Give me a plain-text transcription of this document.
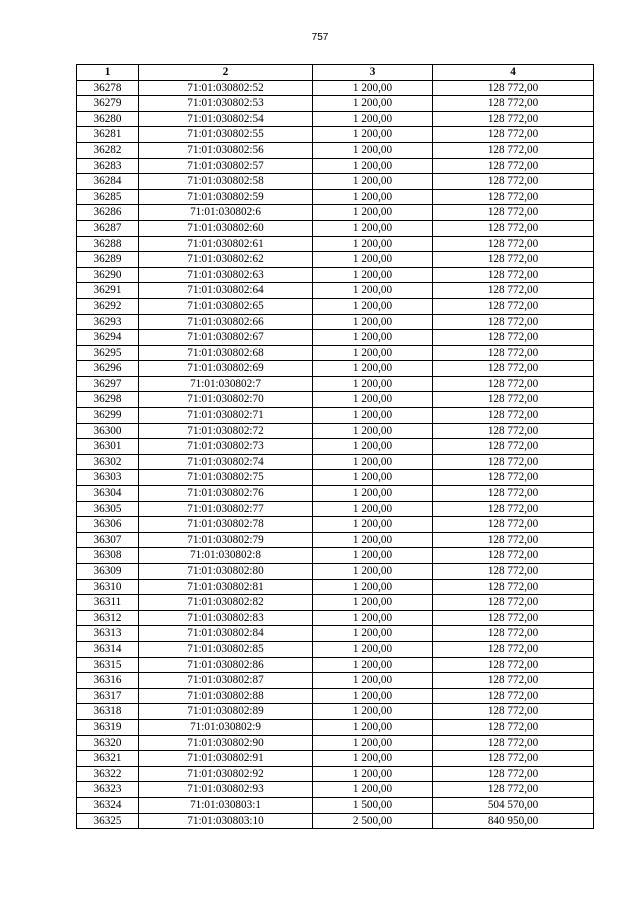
757
1	2	3	4
36278	71:01:030802:52	1 200,00	128 772,00
36279	71:01:030802:53	1 200,00	128 772,00
36280	71:01:030802:54	1 200,00	128 772,00
36281	71:01:030802:55	1 200,00	128 772,00
36282	71:01:030802:56	1 200,00	128 772,00
36283	71:01:030802:57	1 200,00	128 772,00
36284	71:01:030802:58	1 200,00	128 772,00
36285	71:01:030802:59	1 200,00	128 772,00
36286	71:01:030802:6	1 200,00	128 772,00
36287	71:01:030802:60	1 200,00	128 772,00
36288	71:01:030802:61	1 200,00	128 772,00
36289	71:01:030802:62	1 200,00	128 772,00
36290	71:01:030802:63	1 200,00	128 772,00
36291	71:01:030802:64	1 200,00	128 772,00
36292	71:01:030802:65	1 200,00	128 772,00
36293	71:01:030802:66	1 200,00	128 772,00
36294	71:01:030802:67	1 200,00	128 772,00
36295	71:01:030802:68	1 200,00	128 772,00
36296	71:01:030802:69	1 200,00	128 772,00
36297	71:01:030802:7	1 200,00	128 772,00
36298	71:01:030802:70	1 200,00	128 772,00
36299	71:01:030802:71	1 200,00	128 772,00
36300	71:01:030802:72	1 200,00	128 772,00
36301	71:01:030802:73	1 200,00	128 772,00
36302	71:01:030802:74	1 200,00	128 772,00
36303	71:01:030802:75	1 200,00	128 772,00
36304	71:01:030802:76	1 200,00	128 772,00
36305	71:01:030802:77	1 200,00	128 772,00
36306	71:01:030802:78	1 200,00	128 772,00
36307	71:01:030802:79	1 200,00	128 772,00
36308	71:01:030802:8	1 200,00	128 772,00
36309	71:01:030802:80	1 200,00	128 772,00
36310	71:01:030802:81	1 200,00	128 772,00
36311	71:01:030802:82	1 200,00	128 772,00
36312	71:01:030802:83	1 200,00	128 772,00
36313	71:01:030802:84	1 200,00	128 772,00
36314	71:01:030802:85	1 200,00	128 772,00
36315	71:01:030802:86	1 200,00	128 772,00
36316	71:01:030802:87	1 200,00	128 772,00
36317	71:01:030802:88	1 200,00	128 772,00
36318	71:01:030802:89	1 200,00	128 772,00
36319	71:01:030802:9	1 200,00	128 772,00
36320	71:01:030802:90	1 200,00	128 772,00
36321	71:01:030802:91	1 200,00	128 772,00
36322	71:01:030802:92	1 200,00	128 772,00
36323	71:01:030802:93	1 200,00	128 772,00
36324	71:01:030803:1	1 500,00	504 570,00
36325	71:01:030803:10	2 500,00	840 950,00
